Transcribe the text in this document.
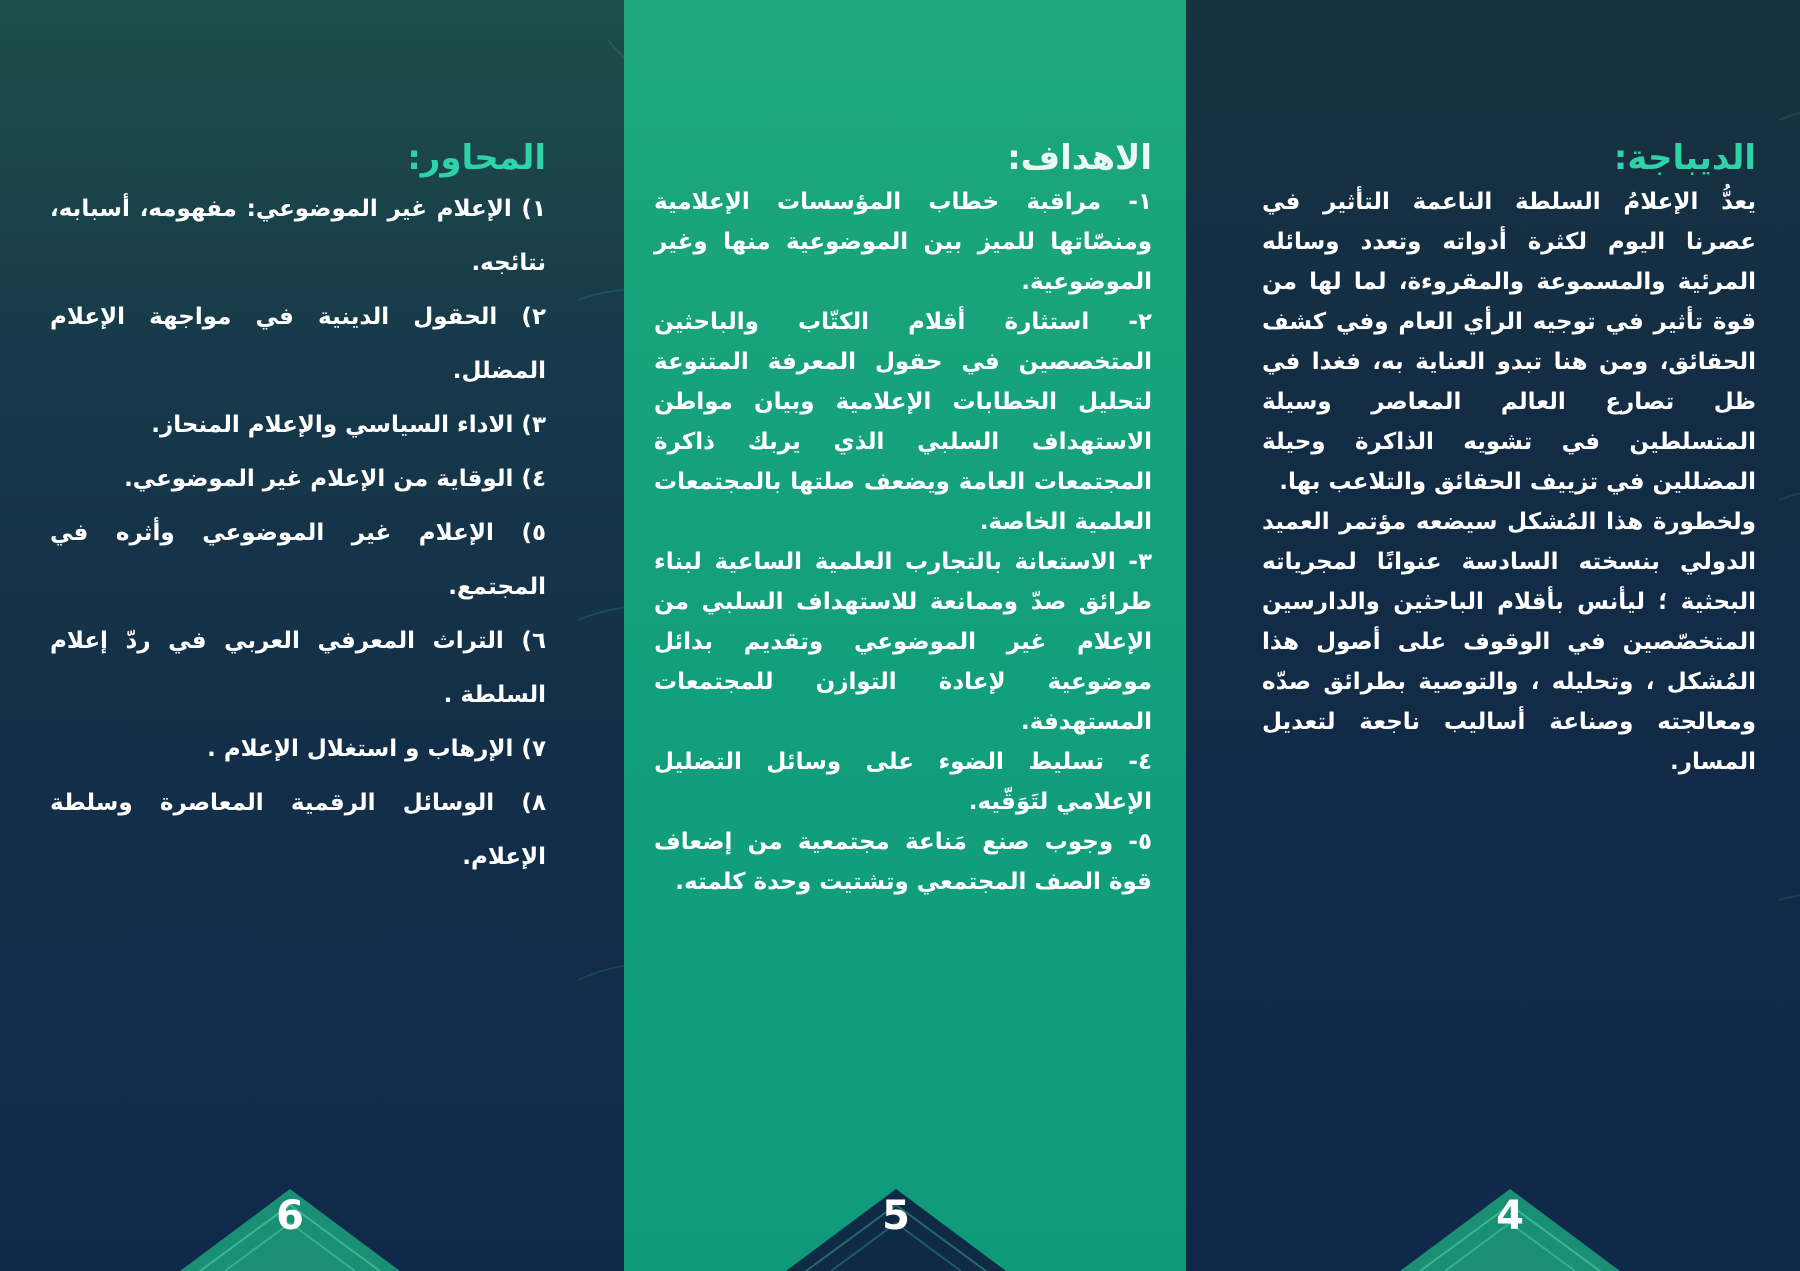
المحاور:
١) الإعلام غير الموضوعي: مفهومه، أسبابه، نتائجه.
٢) الحقول الدينية في مواجهة الإعلام المضلل.
٣) الاداء السياسي والإعلام المنحاز.
٤) الوقاية من الإعلام غير الموضوعي.
٥) الإعلام غير الموضوعي وأثره في المجتمع.
٦) التراث المعرفي العربي في ردّ إعلام السلطة .
٧) الإرهاب و استغلال الإعلام .
٨) الوسائل الرقمية المعاصرة وسلطة الإعلام.
الاهداف:

١- مراقبة خطاب المؤسسات الإعلامية ومنصّاتها للميز بين الموضوعية منها وغير الموضوعية.

٢- استثارة أقلام الكتّاب والباحثين المتخصصين في حقول المعرفة المتنوعة لتحليل الخطابات الإعلامية وبيان مواطن الاستهداف السلبي الذي يربك ذاكرة المجتمعات العامة ويضعف صلتها بالمجتمعات العلمية الخاصة.

٣- الاستعانة بالتجارب العلمية الساعية لبناء طرائق صدّ وممانعة للاستهداف السلبي من الإعلام غير الموضوعي وتقديم بدائل موضوعية لإعادة التوازن للمجتمعات المستهدفة.

٤- تسليط الضوء على وسائل التضليل الإعلامي لتَوَقّيه.

٥- وجوب صنع مَناعة مجتمعية من إضعاف قوة الصف المجتمعي وتشتيت وحدة كلمته.

الديباجة:

يعدُّ الإعلامُ السلطة الناعمة التأثير في عصرنا اليوم لكثرة أدواته وتعدد وسائله المرئية والمسموعة والمقروءة، لما لها من قوة تأثير في توجيه الرأي العام وفي كشف الحقائق، ومن هنا تبدو العناية به، فغدا في ظل تصارع العالم المعاصر وسيلة المتسلطين في تشويه الذاكرة وحيلة المضللين في تزييف الحقائق والتلاعب بها.

ولخطورة هذا المُشكل سيضعه مؤتمر العميد الدولي بنسخته السادسة عنوانًا لمجرياته البحثية ؛ ليأنس بأقلام الباحثين والدارسين المتخصّصين في الوقوف على أصول هذا المُشكل ، وتحليله ، والتوصية بطرائق صدّه ومعالجته وصناعة أساليب ناجعة لتعديل المسار.

6	5	4
